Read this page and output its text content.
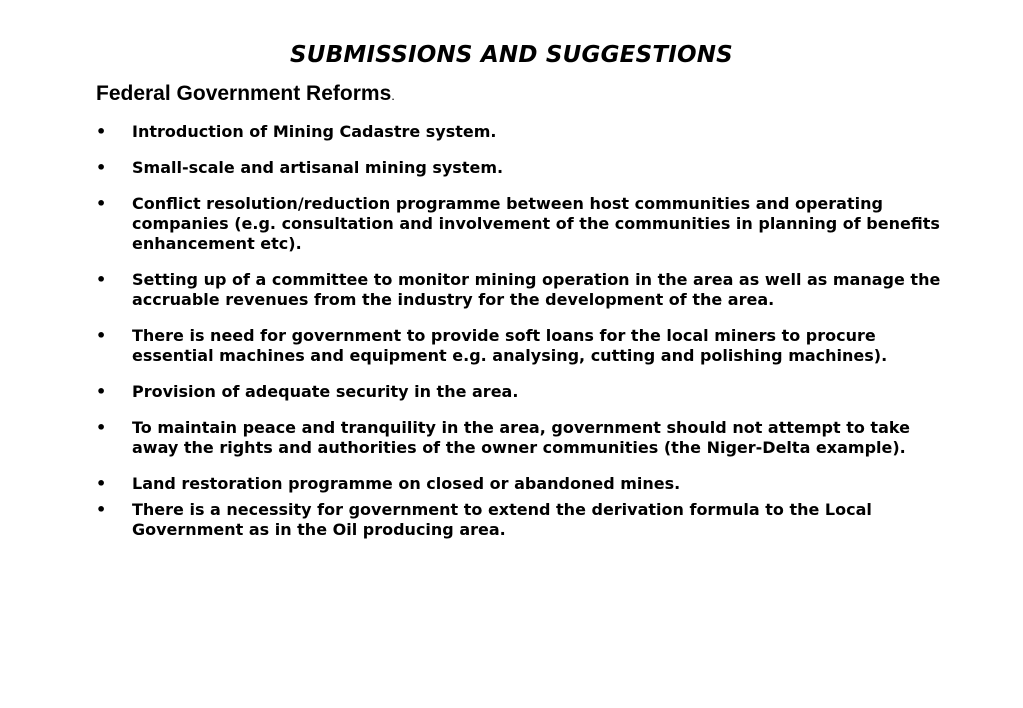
SUBMISSIONS AND SUGGESTIONS
Federal Government Reforms.
•	Introduction of Mining Cadastre system.
•	Small-scale and artisanal mining system.
•	Conflict resolution/reduction programme between host communities and operating companies (e.g. consultation and involvement of the communities in planning of benefits enhancement etc).
•	Setting up of a committee to monitor mining operation in the area as well as manage the accruable revenues from the industry for the development of the area.
•	There is need for government to provide soft loans for the local miners to procure essential machines and equipment e.g. analysing, cutting and polishing machines).
•	Provision of adequate security in the area.
•	To maintain peace and tranquility in the area, government should not attempt to take away the rights and authorities of the owner communities (the Niger-Delta example).
•	Land restoration programme on closed or abandoned mines.
•	There is a necessity for government to extend the derivation formula to the Local Government as in the Oil producing area.
